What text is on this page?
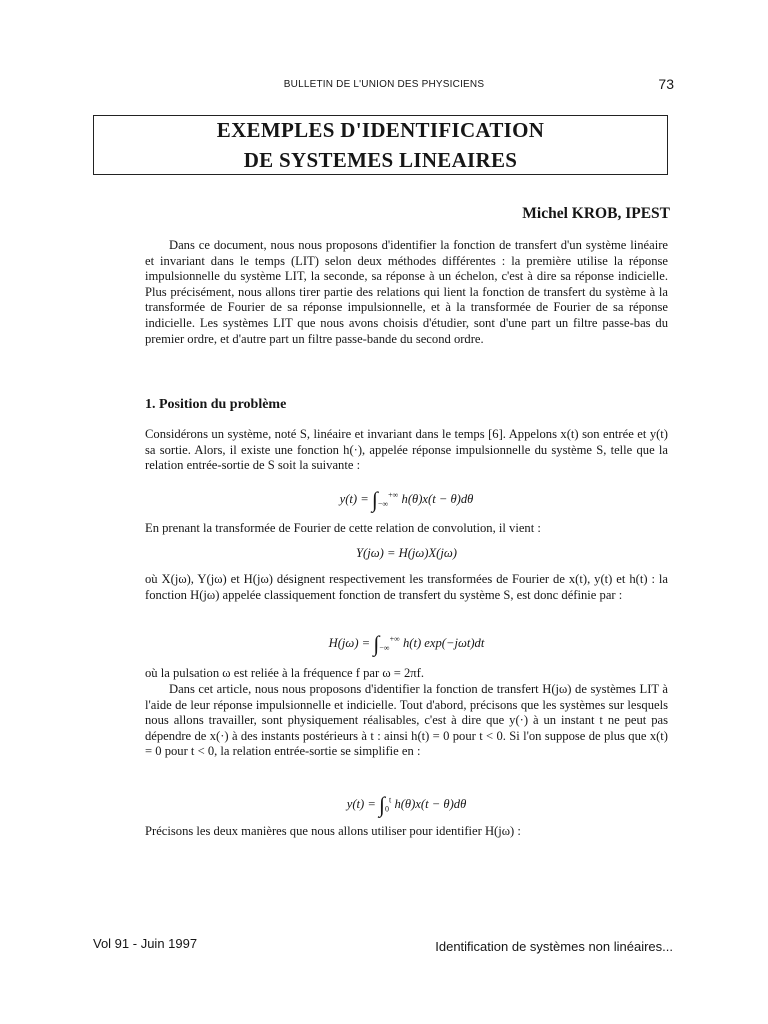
BULLETIN DE L'UNION DES PHYSICIENS	73
EXEMPLES D'IDENTIFICATION
DE SYSTEMES LINEAIRES
Michel KROB, IPEST
Dans ce document, nous nous proposons d'identifier la fonction de transfert d'un système linéaire et invariant dans le temps (LIT) selon deux méthodes différentes : la première utilise la réponse impulsionnelle du système LIT, la seconde, sa réponse à un échelon, c'est à dire sa réponse indicielle. Plus précisément, nous allons tirer partie des relations qui lient la fonction de transfert du système à la transformée de Fourier de sa réponse impulsionnelle, et à la transformée de Fourier de sa réponse indicielle. Les systèmes LIT que nous avons choisis d'étudier, sont d'une part un filtre passe-bas du premier ordre, et d'autre part un filtre passe-bande du second ordre.
1. Position du problème
Considérons un système, noté S, linéaire et invariant dans le temps [6]. Appelons x(t) son entrée et y(t) sa sortie. Alors, il existe une fonction h(·), appelée réponse impulsionnelle du système S, telle que la relation entrée-sortie de S soit la suivante :
$y(t) = \int_{-\infty}^{+\infty}$ h(θ)x(t − θ)dθ
En prenant la transformée de Fourier de cette relation de convolution, il vient :
Y(jω) = H(jω)X(jω)
où X(jω), Y(jω) et H(jω) désignent respectivement les transformées de Fourier de x(t), y(t) et h(t) : la fonction H(jω) appelée classiquement fonction de transfert du système S, est donc définie par :
$H(j\omega) = \int_{-\infty}^{+\infty}$ h(t) exp(−jωt)dt
où la pulsation ω est reliée à la fréquence f par ω = 2πf.
Dans cet article, nous nous proposons d'identifier la fonction de transfert H(jω) de systèmes LIT à l'aide de leur réponse impulsionnelle et indicielle. Tout d'abord, précisons que les systèmes sur lesquels nous allons travailler, sont physiquement réalisables, c'est à dire que y(·) à un instant t ne peut pas dépendre de x(·) à des instants postérieurs à t : ainsi h(t) = 0 pour t < 0. Si l'on suppose de plus que x(t) = 0 pour t < 0, la relation entrée-sortie se simplifie en :
$y(t) = \int_0^t$ h(θ)x(t − θ)dθ
Précisons les deux manières que nous allons utiliser pour identifier H(jω) :
Vol 91 - Juin 1997	Identification de systèmes non linéaires...
